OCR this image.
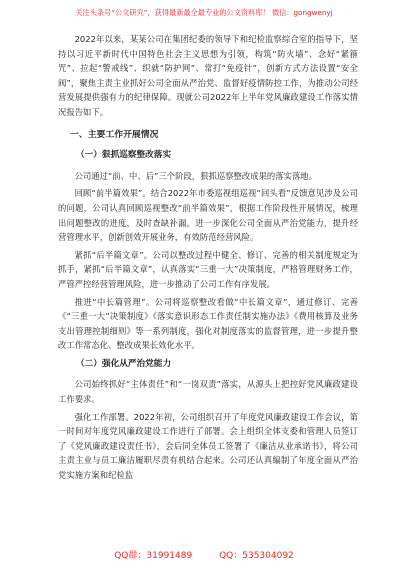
关注头条号“公文研究”，获得最新最全最专业的公文资料库！ 微信：gongwenyj

2022年以来，某某公司在集团纪委的领导下和纪检监察综合室的指导下，坚持以习近平新时代中国特色社会主义思想为引领，构筑“防火墙”、念好“紧箍咒”、拉起“警戒线”、织就“防护网”、常打“免疫针”，创新方式方法设置“安全阀”，聚焦主责主业抓好公司全面从严治党、监督好疫情防控工作，为推动公司经营发展提供强有力的纪律保障。现就公司2022年上半年党风廉政建设工作落实情况报告如下。

一、主要工作开展情况
（一）狠抓巡察整改落实

公司通过“前、中、后”三个阶段，狠抓巡察整改成果的落实落地。

回顾“前半篇效果”。结合2022年市委巡视组巡视“回头看”反馈意见涉及公司的问题，公司认真回顾巡视整改“前半篇效果”，根据工作阶段性开展情况，梳理出问题整改的进度，及时查缺补漏，进一步深化公司全面从严治党能力，提升经营管理水平，创新创效开展业务，有效防范经营风险。

紧抓“后半篇文章”。公司以整改过程中健全、修订、完善的相关制度规定为抓手，紧抓“后半篇文章”，认真落实“三重一大”决策制度，严格管理财务工作，严管严控经营管理风险，进一步推动了公司工作有序发展。

推进“中长篇管理”。公司将巡察整改看做“中长篇文章”，通过修订、完善《“三重一大”决策制度》《落实意识形态工作责任制实施办法》《费用核算及业务支出管理控制细则》等一系列制度，强化对制度落实的监督管理，进一步提升整改工作常态化、整改成果长效化水平。

（二）强化从严治党能力

公司始终抓好“主体责任”和“一岗双责”落实，从源头上把控好党风廉政建设工作要求。

强化工作部署。2022年初，公司组织召开了年度党风廉政建设工作会议，第一时间对年度党风廉政建设工作进行了部署。会上组织全体支委和管理人员签订了《党风廉政建设责任书》，会后同全体员工签署了《廉洁从业承诺书》，将公司主责主业与员工廉洁履职尽责有机结合起来。公司还认真编制了年度全面从严治党实施方案和纪检监

QQ群：31991489	QQ：535304092
